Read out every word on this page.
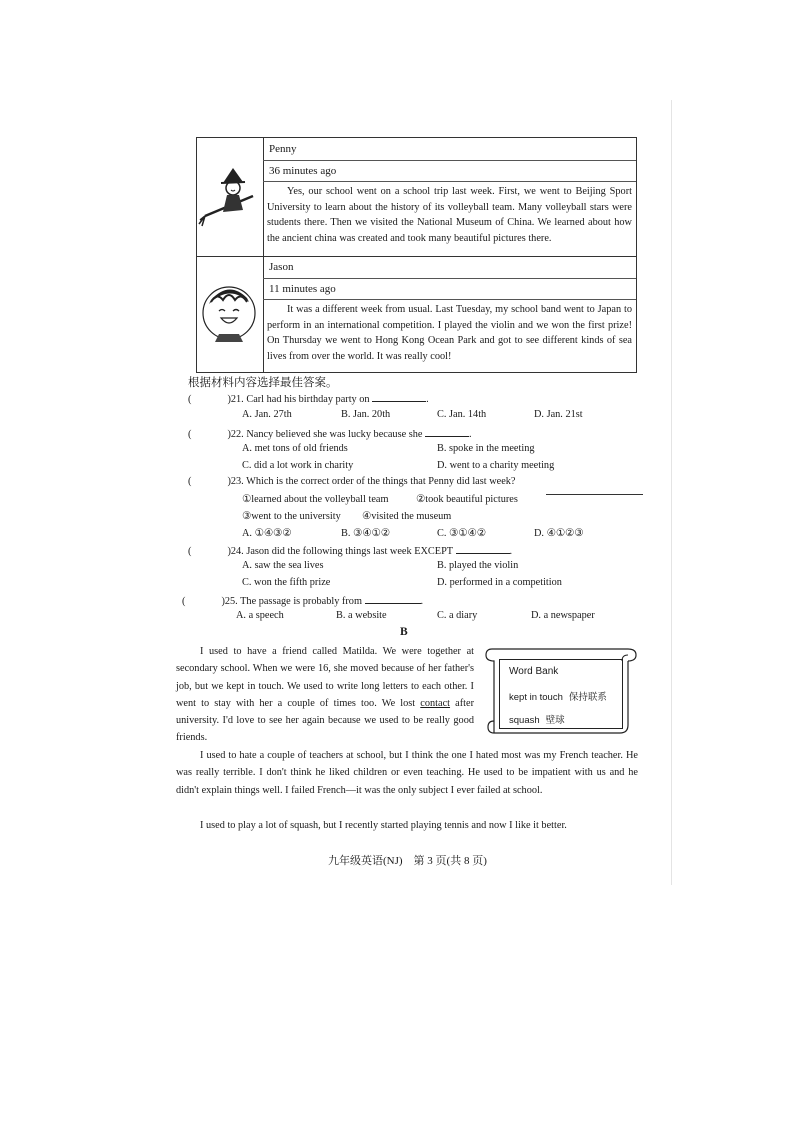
Penny
36 minutes ago
Yes, our school went on a school trip last week. First, we went to Beijing Sport University to learn about the history of its volleyball team. Many volleyball stars were students there. Then we visited the National Museum of China. We learned about how the ancient china was created and took many beautiful pictures there.
Jason
11 minutes ago
It was a different week from usual. Last Tuesday, my school band went to Japan to perform in an international competition. I played the violin and we won the first prize! On Thursday we went to Hong Kong Ocean Park and got to see different kinds of sea lives from over the world. It was really cool!
根据材料内容选择最佳答案。
(	)21. Carl had his birthday party on	.
A. Jan. 27th	B. Jan. 20th	C. Jan. 14th	D. Jan. 21st
(	)22. Nancy believed she was lucky because she	.
A. met tons of old friends	B. spoke in the meeting
C. did a lot work in charity	D. went to a charity meeting
(	)23. Which is the correct order of the things that Penny did last week?
①learned about the volleyball team	②took beautiful pictures
③went to the university ④visited the museum
A. ①④③②	B. ③④①②	C. ③①④②	D. ④①②③
(	)24. Jason did the following things last week EXCEPT	.
A. saw the sea lives	B. played the violin
C. won the fifth prize	D. performed in a competition
(	)25. The passage is probably from	.
A. a speech	B. a website	C. a diary	D. a newspaper
B
I used to have a friend called Matilda. We were together at secondary school. When we were 16, she moved because of her father's job, but we kept in touch. We used to write long letters to each other. I went to stay with her a couple of times too. We lost contact after university. I'd love to see her again because we used to be really good friends.
Word Bank
kept in touch 保持联系
squash 壁球
I used to hate a couple of teachers at school, but I think the one I hated most was my French teacher. He was really terrible. I don't think he liked children or even teaching. He used to be impatient with us and he didn't explain things well. I failed French—it was the only subject I ever failed at school.
I used to play a lot of squash, but I recently started playing tennis and now I like it better.
九年级英语(NJ)　第 3 页(共 8 页)
